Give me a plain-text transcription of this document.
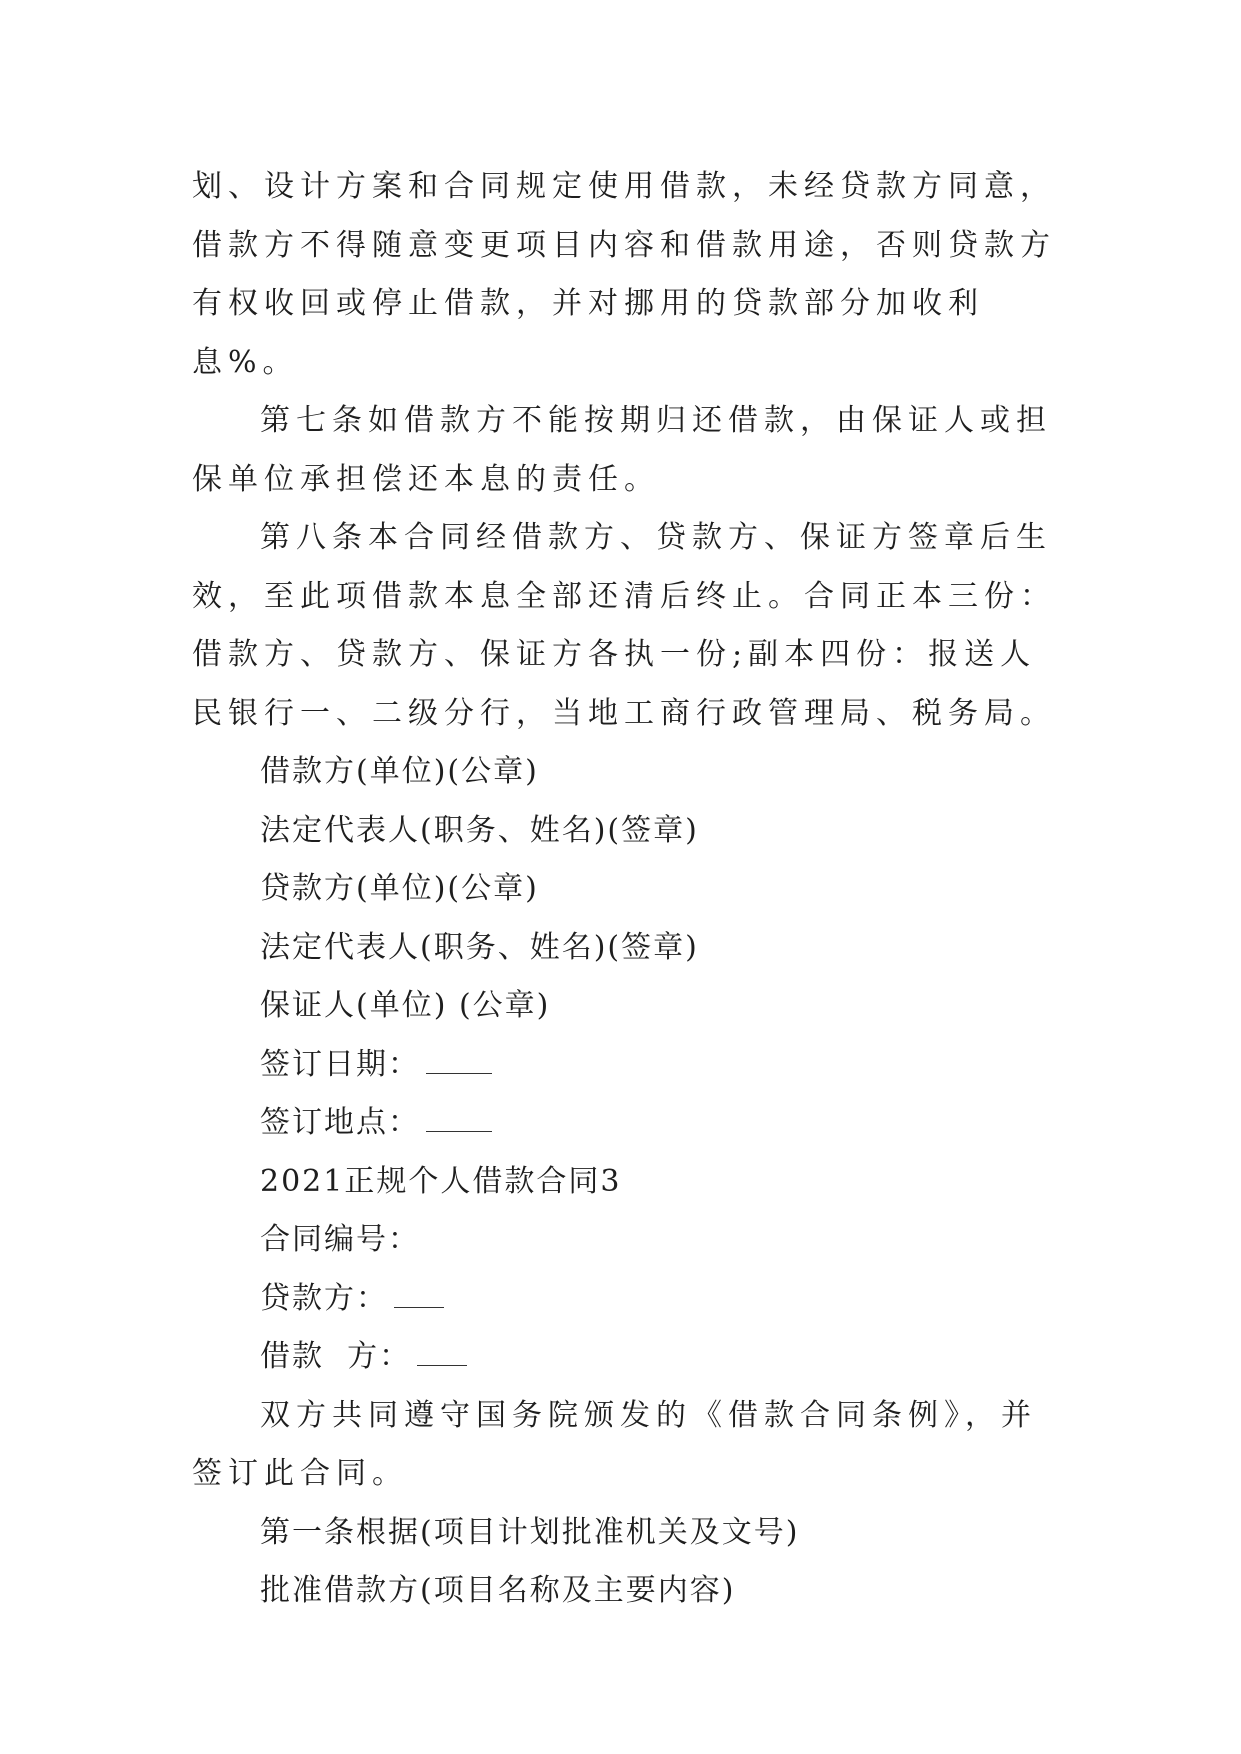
划、设计方案和合同规定使用借款，未经贷款方同意，借款方不得随意变更项目内容和借款用途，否则贷款方有权收回或停止借款，并对挪用的贷款部分加收利息%。

第七条如借款方不能按期归还借款，由保证人或担保单位承担偿还本息的责任。

第八条本合同经借款方、贷款方、保证方签章后生效，至此项借款本息全部还清后终止。合同正本三份：借款方、贷款方、保证方各执一份;副本四份：报送人民银行一、二级分行，当地工商行政管理局、税务局。

借款方(单位)(公章)

法定代表人(职务、姓名)(签章)

贷款方(单位)(公章)

法定代表人(职务、姓名)(签章)

保证人(单位) (公章)

签订日期：

签订地点：

2021正规个人借款合同3

合同编号：

贷款方：

借款  方：

双方共同遵守国务院颁发的《借款合同条例》，并签订此合同。

第一条根据(项目计划批准机关及文号)

批准借款方(项目名称及主要内容)
